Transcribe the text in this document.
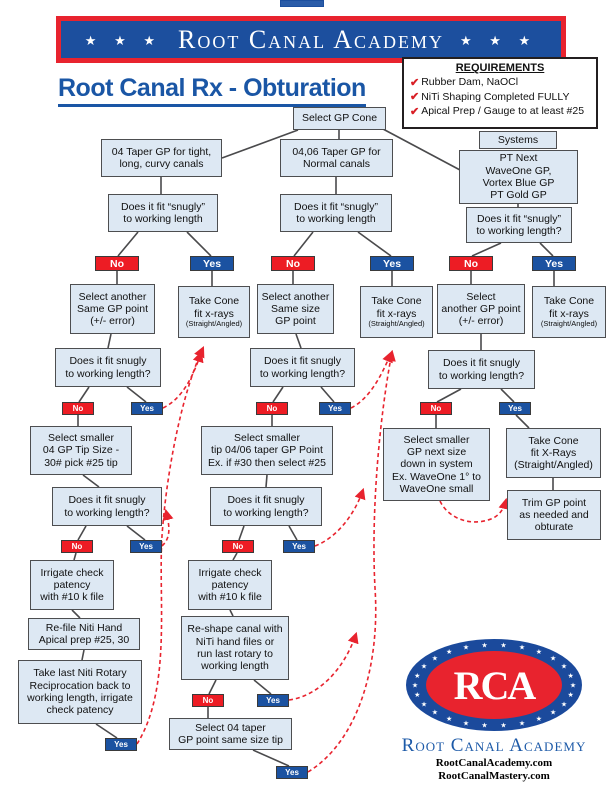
★ ★ ★ Root Canal Academy ★ ★ ★
Root Canal Rx - Obturation
REQUIREMENTS
✔ Rubber Dam, NaOCl
✔ NiTi Shaping Completed FULLY
✔ Apical Prep / Gauge to at least #25
Select GP Cone
04 Taper GP for tight,
long, curvy canals
04,06 Taper GP for
Normal canals
Systems
PT Next
WaveOne GP,
Vortex Blue GP
PT Gold GP
Does it fit “snugly”
to working length
Does it fit “snugly”
to working length	Does it fit “snugly”
to working length?
No	Yes	No	Yes	No	Yes
Select another
Same GP point
(+/- error)
Take Cone
fit x-rays
(Straight/Angled)
Select another
Same size
GP point
Take Cone
fit x-rays
(Straight/Angled)
Select
another GP point
(+/- error)
Take Cone
fit x-rays
(Straight/Angled)
Does it fit snugly
to working length?
Does it fit snugly
to working length?
Does it fit snugly
to working length?
No	Yes	No	Yes	No	Yes
Select smaller
04 GP Tip Size -
30# pick #25 tip
Select smaller
tip 04/06 taper GP Point
Ex. if #30 then select #25
Select smaller
GP next size
down in system
Ex. WaveOne 1° to
WaveOne small
Take Cone
fit X-Rays
(Straight/Angled)
Trim GP point
as needed and
obturate
Does it fit snugly
to working length?
Does it fit snugly
to working length?
No	Yes	No	Yes
Irrigate check
patency
with #10 k file
Irrigate check
patency
with #10 k file
Re-file Niti Hand
Apical prep #25, 30
Re-shape canal with
NiTi hand files or
run last rotary to
working length
Take last Niti Rotary
Reciprocation back to
working length, irrigate
check patency
Yes
No	Yes
Select 04 taper
GP point same size tip
Yes
★
★
★
★
★
★
★
★
★
★
★
★
★
★
★
★
★
★
★ ★ ★ ★
★
★
★
★
RCA
Root Canal Academy
RootCanalAcademy.com
RootCanalMastery.com
